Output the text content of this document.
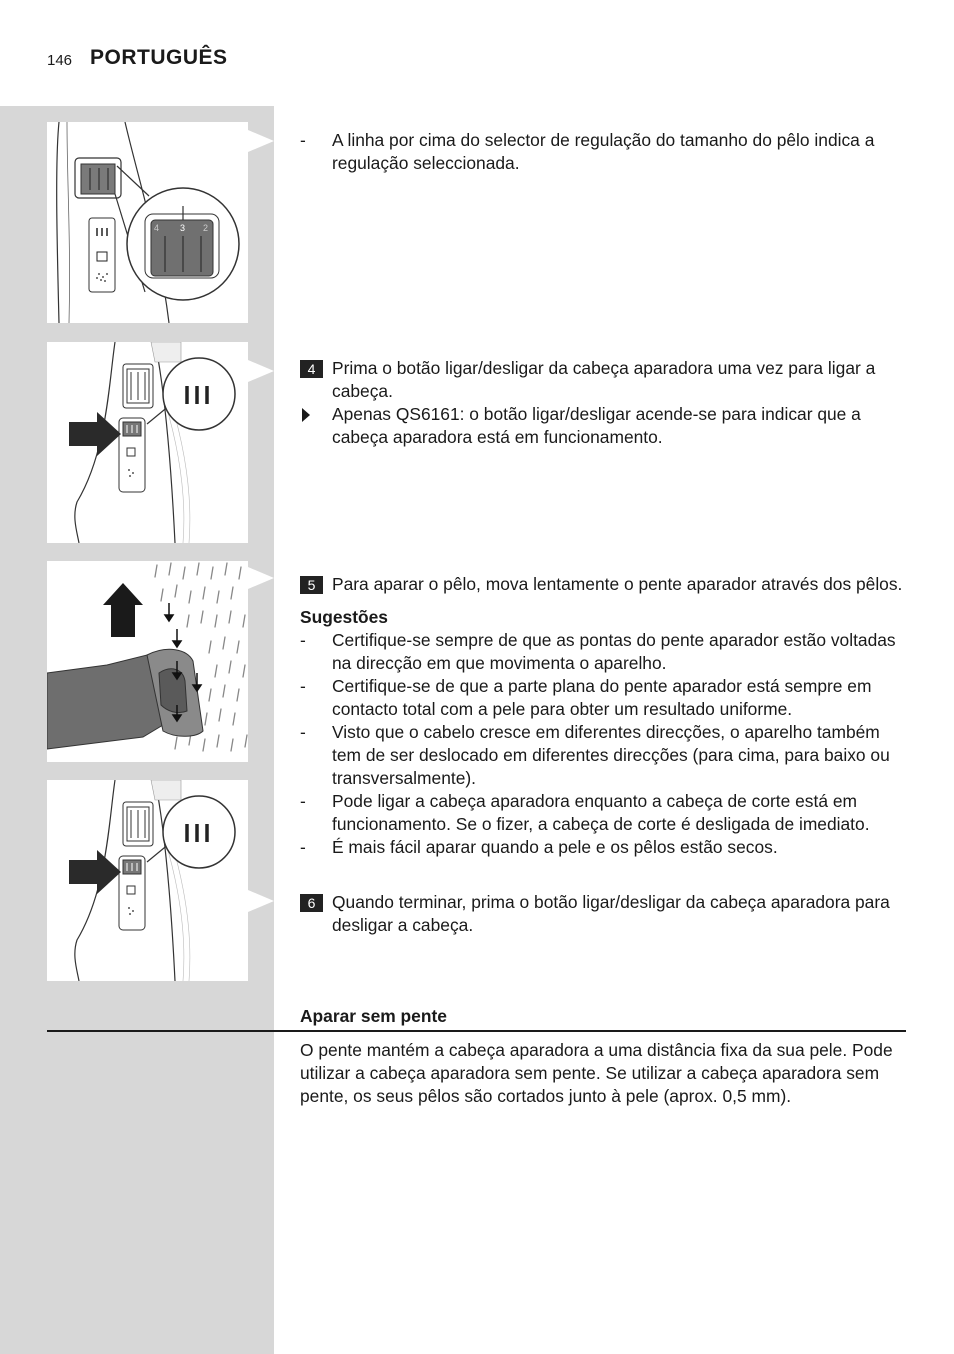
146 PORTUGUÊS
4 3 2

- A linha por cima do selector de regulação do tamanho do pêlo indica a regulação seleccionada.

4 Prima o botão ligar/desligar da cabeça aparadora uma vez para ligar a cabeça.

Apenas QS6161: o botão ligar/desligar acende-se para indicar que a cabeça aparadora está em funcionamento.

5 Para aparar o pêlo, mova lentamente o pente aparador através dos pêlos.

Sugestões

- Certifique-se sempre de que as pontas do pente aparador estão voltadas na direcção em que movimenta o aparelho.

- Certifique-se de que a parte plana do pente aparador está sempre em contacto total com a pele para obter um resultado uniforme.

- Visto que o cabelo cresce em diferentes direcções, o aparelho também tem de ser deslocado em diferentes direcções (para cima, para baixo ou transversalmente).

- Pode ligar a cabeça aparadora enquanto a cabeça de corte está em funcionamento. Se o fizer, a cabeça de corte é desligada de imediato.

- É mais fácil aparar quando a pele e os pêlos estão secos.

6 Quando terminar, prima o botão ligar/desligar da cabeça aparadora para desligar a cabeça.

Aparar sem pente
O pente mantém a cabeça aparadora a uma distância fixa da sua pele. Pode utilizar a cabeça aparadora sem pente. Se utilizar a cabeça aparadora sem pente, os seus pêlos são cortados junto à pele (aprox. 0,5 mm).
